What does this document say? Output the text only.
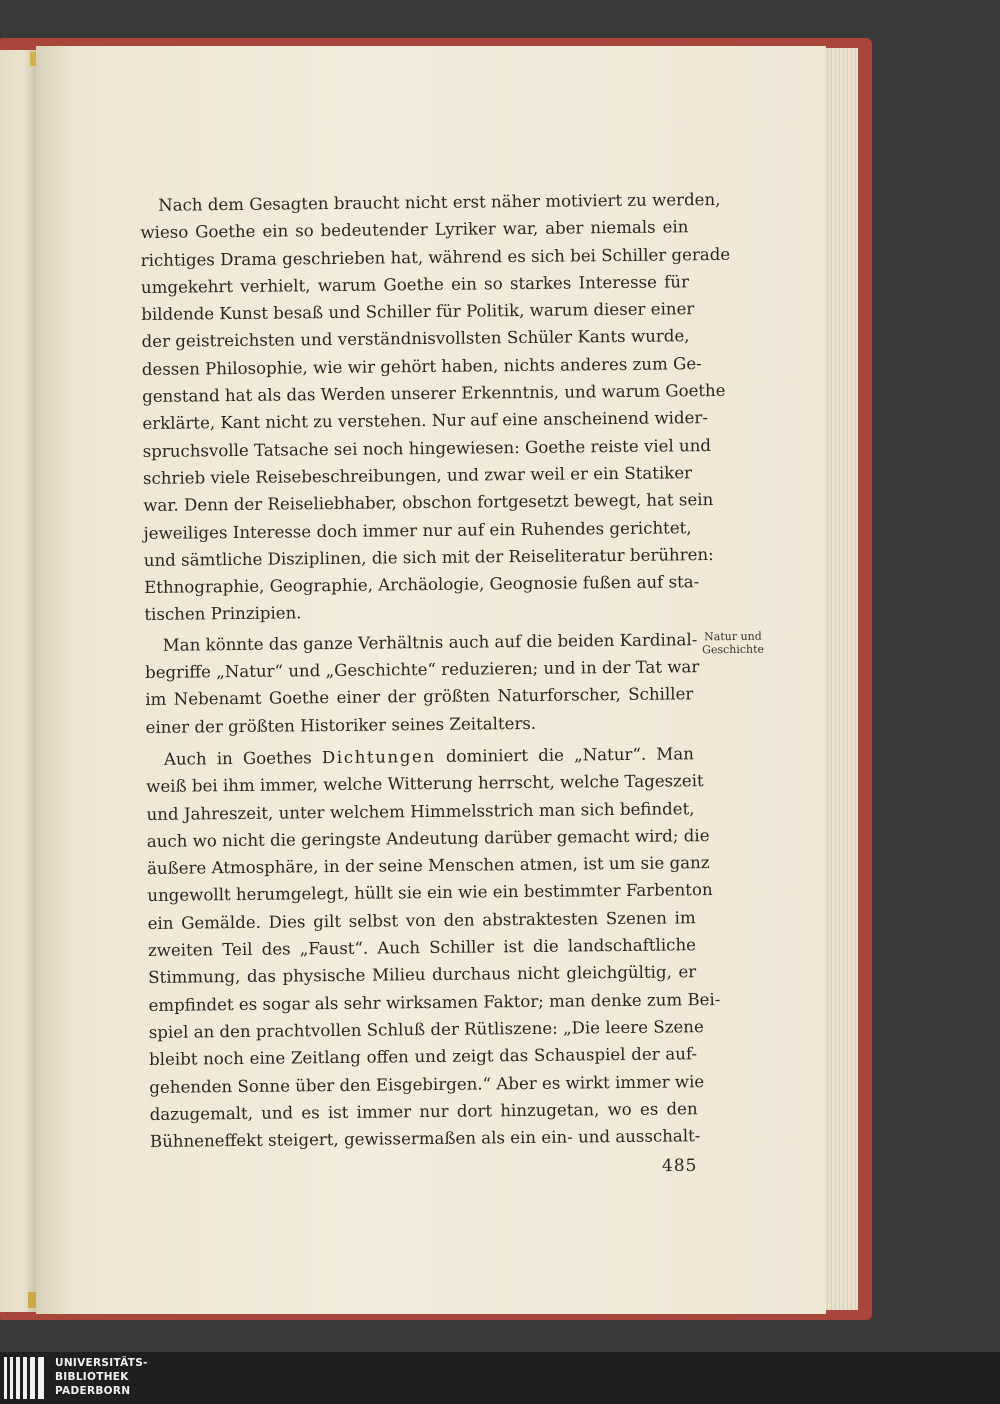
Nach dem Gesagten braucht nicht erst näher motiviert zu werden,
wieso Goethe ein so bedeutender Lyriker war, aber niemals ein
richtiges Drama geschrieben hat, während es sich bei Schiller gerade
umgekehrt verhielt, warum Goethe ein so starkes Interesse für
bildende Kunst besaß und Schiller für Politik, warum dieser einer
der geistreichsten und verständnisvollsten Schüler Kants wurde,
dessen Philosophie, wie wir gehört haben, nichts anderes zum Ge-
genstand hat als das Werden unserer Erkenntnis, und warum Goethe
erklärte, Kant nicht zu verstehen. Nur auf eine anscheinend wider-
spruchsvolle Tatsache sei noch hingewiesen: Goethe reiste viel und
schrieb viele Reisebeschreibungen, und zwar weil er ein Statiker
war. Denn der Reiseliebhaber, obschon fortgesetzt bewegt, hat sein
jeweiliges Interesse doch immer nur auf ein Ruhendes gerichtet,
und sämtliche Disziplinen, die sich mit der Reiseliteratur berühren:
Ethnographie, Geographie, Archäologie, Geognosie fußen auf sta-
tischen Prinzipien.
Man könnte das ganze Verhältnis auch auf die beiden Kardinal-
begriffe „Natur“ und „Geschichte“ reduzieren; und in der Tat war
im Nebenamt Goethe einer der größten Naturforscher, Schiller
einer der größten Historiker seines Zeitalters.
Auch in Goethes Dichtungen dominiert die „Natur“. Man
weiß bei ihm immer, welche Witterung herrscht, welche Tageszeit
und Jahreszeit, unter welchem Himmelsstrich man sich befindet,
auch wo nicht die geringste Andeutung darüber gemacht wird; die
äußere Atmosphäre, in der seine Menschen atmen, ist um sie ganz
ungewollt herumgelegt, hüllt sie ein wie ein bestimmter Farbenton
ein Gemälde. Dies gilt selbst von den abstraktesten Szenen im
zweiten Teil des „Faust“. Auch Schiller ist die landschaftliche
Stimmung, das physische Milieu durchaus nicht gleichgültig, er
empfindet es sogar als sehr wirksamen Faktor; man denke zum Bei-
spiel an den prachtvollen Schluß der Rütliszene: „Die leere Szene
bleibt noch eine Zeitlang offen und zeigt das Schauspiel der auf-
gehenden Sonne über den Eisgebirgen.“ Aber es wirkt immer wie
dazugemalt, und es ist immer nur dort hinzugetan, wo es den
Bühneneffekt steigert, gewissermaßen als ein ein- und ausschalt-
Natur und
Geschichte
485
UNIVERSITÄTS-
BIBLIOTHEK
PADERBORN
